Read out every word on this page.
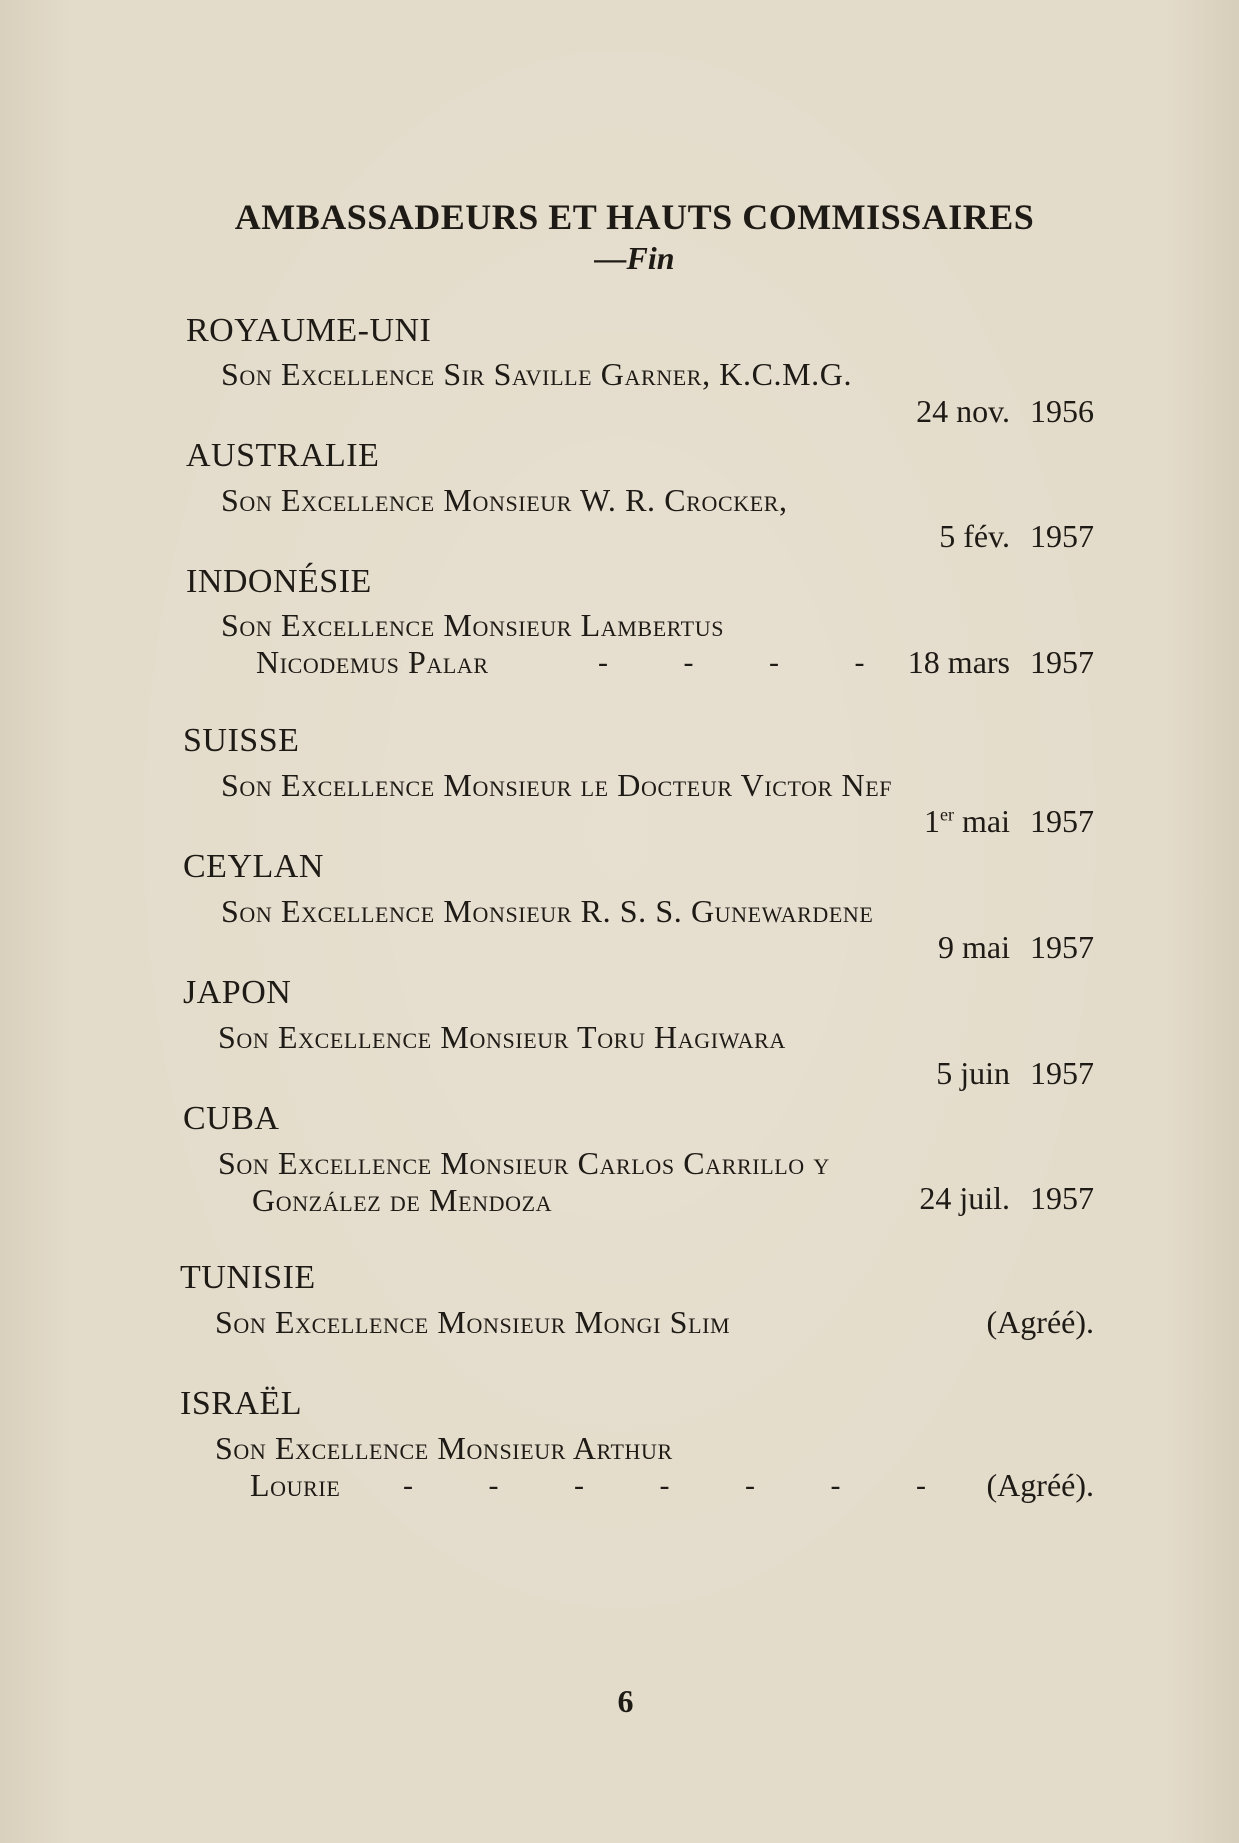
AMBASSADEURS ET HAUTS COMMISSAIRES
—Fin
ROYAUME-UNI
Son Excellence Sir Saville Garner, K.C.M.G.
24 nov. 1956
AUSTRALIE
Son Excellence Monsieur W. R. Crocker,
5 fév. 1957
INDONÉSIE
Son Excellence Monsieur Lambertus
Nicodemus Palar	- - - - 18 mars 1957
SUISSE
Son Excellence Monsieur le Docteur Victor Nef
1er mai 1957
CEYLAN
Son Excellence Monsieur R. S. S. Gunewardene
9 mai 1957
JAPON
Son Excellence Monsieur Toru Hagiwara
5 juin 1957
CUBA
Son Excellence Monsieur Carlos Carrillo y
González de Mendoza	24 juil. 1957
TUNISIE
Son Excellence Monsieur Mongi Slim	(Agréé).
ISRAËL
Son Excellence Monsieur Arthur
Lourie - - - - - - - (Agréé).
6
